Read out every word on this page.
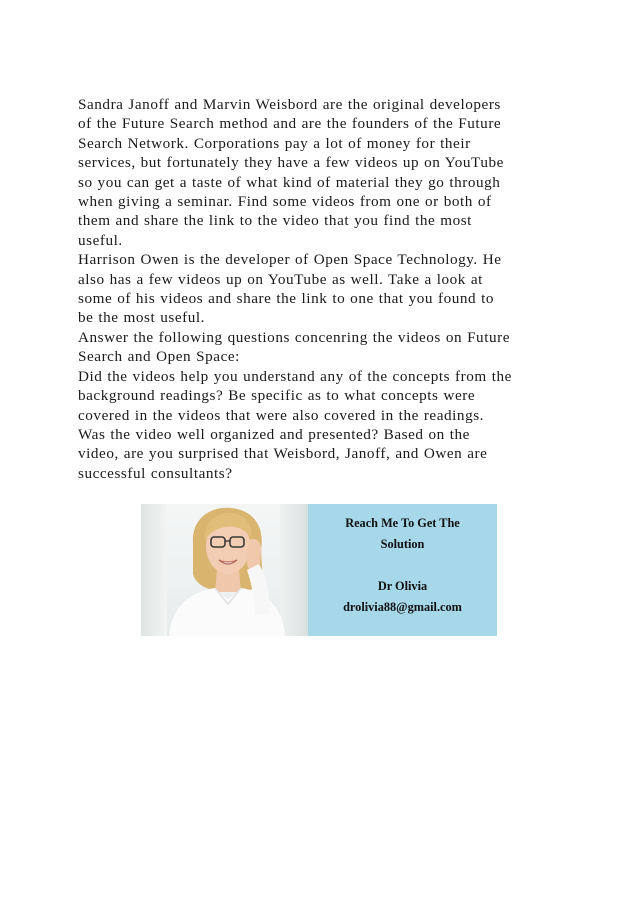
Sandra Janoff and Marvin Weisbord are the original developers
of the Future Search method and are the founders of the Future
Search Network. Corporations pay a lot of money for their
services, but fortunately they have a few videos up on YouTube
so you can get a taste of what kind of material they go through
when giving a seminar. Find some videos from one or both of
them and share the link to the video that you find the most
useful.
Harrison Owen is the developer of Open Space Technology. He
also has a few videos up on YouTube as well. Take a look at
some of his videos and share the link to one that you found to
be the most useful.
Answer the following questions concenring the videos on Future
Search and Open Space:
Did the videos help you understand any of the concepts from the
background readings? Be specific as to what concepts were
covered in the videos that were also covered in the readings.
Was the video well organized and presented? Based on the
video, are you surprised that Weisbord, Janoff, and Owen are
successful consultants?
Reach Me To Get The
Solution
Dr Olivia
drolivia88@gmail.com
